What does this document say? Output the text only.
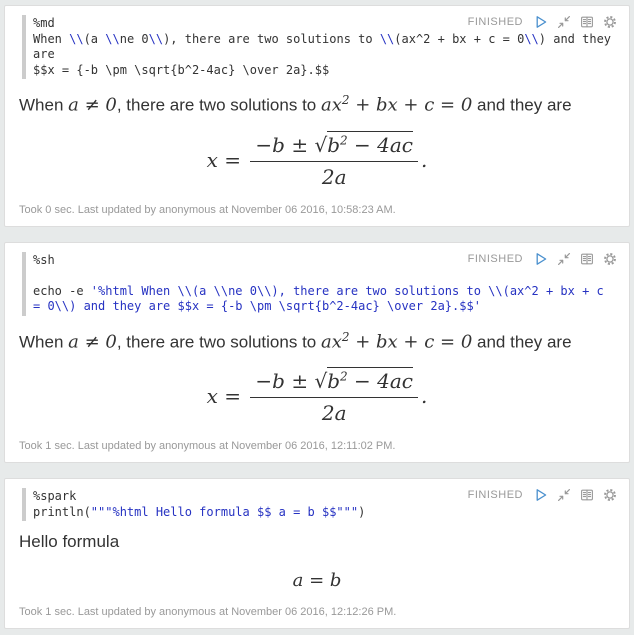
FINISHED
%md
When \\(a \\ne 0\\), there are two solutions to \\(ax^2 + bx + c = 0\\) and they
are
$$x = {-b \pm \sqrt{b^2-4ac} \over 2a}.$$

When a ≠ 0, there are two solutions to $ax^2$ + bx + c = 0 and they are

$x = \frac{-b \pm √b^2 - 4ac}{2a}$ .
Took 0 sec. Last updated by anonymous at November 06 2016, 10:58:23 AM.
FINISHED
%sh

echo -e '%html When \\(a \\ne 0\\), there are two solutions to \\(ax^2 + bx + c
= 0\\) and they are $$x = {-b \pm \sqrt{b^2-4ac} \over 2a}.$$'

When a ≠ 0, there are two solutions to $ax^2$ + bx + c = 0 and they are

$x = \frac{-b \pm √b^2 - 4ac}{2a}$ .
Took 1 sec. Last updated by anonymous at November 06 2016, 12:11:02 PM.
FINISHED
%spark
println("""%html Hello formula $$ a = b $$""")

Hello formula

a = b
Took 1 sec. Last updated by anonymous at November 06 2016, 12:12:26 PM.
